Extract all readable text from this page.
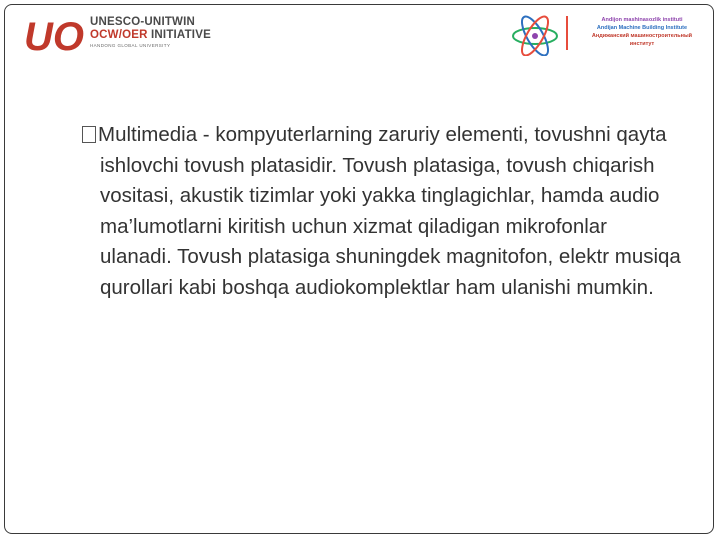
UO UNESCO-UNITWIN
OCW/OER INITIATIVE
HANDONG GLOBAL UNIVERSITY
Andijon mashinasozlik instituti
Andijan Machine Building Institute
Андижанский машиностроительный
институт

Multimedia - kompyuterlarning zaruriy elementi, tovushni qayta ishlovchi tovush platasidir. Tovush platasiga, tovush chiqarish vositasi, akustik tizimlar yoki yakka tinglagichlar, hamda audio ma’lumotlarni kiritish uchun xizmat qiladigan mikrofonlar ulanadi. Tovush platasiga shuningdek magnitofon, elektr musiqa qurollari kabi boshqa audiokomplektlar ham ulanishi mumkin.
